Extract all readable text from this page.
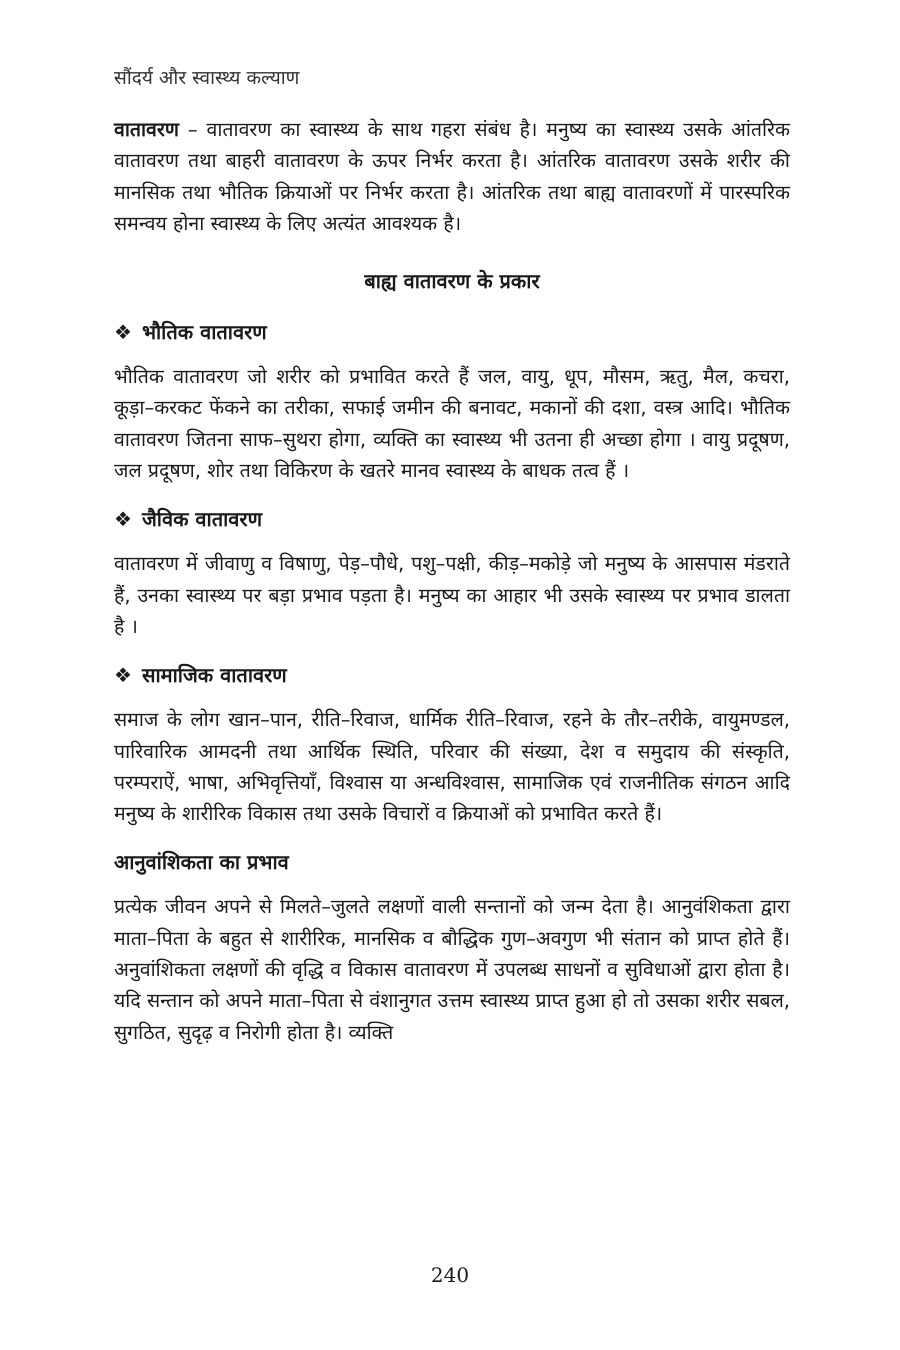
सौंदर्य और स्वास्थ्य कल्याण

वातावरण – वातावरण का स्वास्थ्य के साथ गहरा संबंध है। मनुष्य का स्वास्थ्य उसके आंतरिक वातावरण तथा बाहरी वातावरण के ऊपर निर्भर करता है। आंतरिक वातावरण उसके शरीर की मानसिक तथा भौतिक क्रियाओं पर निर्भर करता है। आंतरिक तथा बाह्य वातावरणों में पारस्परिक समन्वय होना स्वास्थ्य के लिए अत्यंत आवश्यक है।

बाह्य वातावरण के प्रकार
❖ भौतिक वातावरण

भौतिक वातावरण जो शरीर को प्रभावित करते हैं जल, वायु, धूप, मौसम, ऋतु, मैल, कचरा, कूड़ा–करकट फेंकने का तरीका, सफाई जमीन की बनावट, मकानों की दशा, वस्त्र आदि। भौतिक वातावरण जितना साफ–सुथरा होगा, व्यक्ति का स्वास्थ्य भी उतना ही अच्छा होगा । वायु प्रदूषण, जल प्रदूषण, शोर तथा विकिरण के खतरे मानव स्वास्थ्य के बाधक तत्व हैं ।

❖ जैविक वातावरण

वातावरण में जीवाणु व विषाणु, पेड़–पौधे, पशु–पक्षी, कीड़–मकोड़े जो मनुष्य के आसपास मंडराते हैं, उनका स्वास्थ्य पर बड़ा प्रभाव पड़ता है। मनुष्य का आहार भी उसके स्वास्थ्य पर प्रभाव डालता है ।

❖ सामाजिक वातावरण

समाज के लोग खान–पान, रीति–रिवाज, धार्मिक रीति–रिवाज, रहने के तौर–तरीके, वायुमण्डल, पारिवारिक आमदनी तथा आर्थिक स्थिति, परिवार की संख्या, देश व समुदाय की संस्कृति, परम्पराऐं, भाषा, अभिवृत्तियॉं, विश्वास या अन्धविश्वास, सामाजिक एवं राजनीतिक संगठन आदि मनुष्य के शारीरिक विकास तथा उसके विचारों व क्रियाओं को प्रभावित करते हैं।

आनुवांशिकता का प्रभाव

प्रत्येक जीवन अपने से मिलते–जुलते लक्षणों वाली सन्तानों को जन्म देता है। आनुवंशिकता द्वारा माता–पिता के बहुत से शारीरिक, मानसिक व बौद्धिक गुण–अवगुण भी संतान को प्राप्त होते हैं। अनुवांशिकता लक्षणों की वृद्धि व विकास वातावरण में उपलब्ध साधनों व सुविधाओं द्वारा होता है। यदि सन्तान को अपने माता–पिता से वंशानुगत उत्तम स्वास्थ्य प्राप्त हुआ हो तो उसका शरीर सबल, सुगठित, सुदृढ़ व निरोगी होता है। व्यक्ति

240
